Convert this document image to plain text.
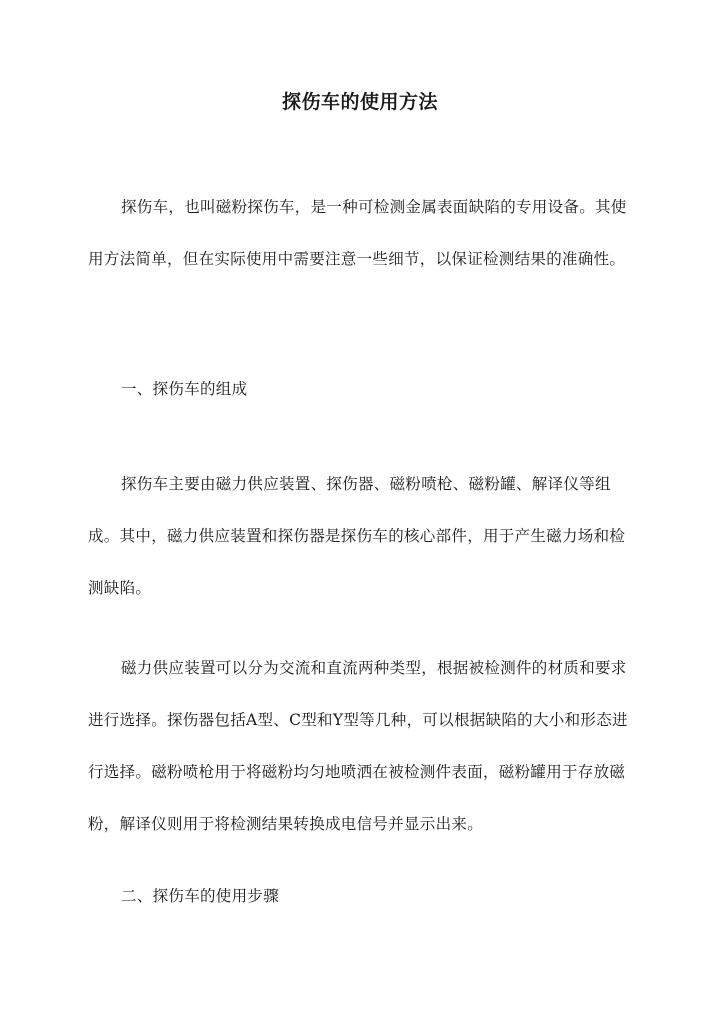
探伤车的使用方法

探伤车，也叫磁粉探伤车，是一种可检测金属表面缺陷的专用设备。其使用方法简单，但在实际使用中需要注意一些细节，以保证检测结果的准确性。

一、探伤车的组成

探伤车主要由磁力供应装置、探伤器、磁粉喷枪、磁粉罐、解译仪等组成。其中，磁力供应装置和探伤器是探伤车的核心部件，用于产生磁力场和检测缺陷。

磁力供应装置可以分为交流和直流两种类型，根据被检测件的材质和要求进行选择。探伤器包括A型、C型和Y型等几种，可以根据缺陷的大小和形态进行选择。磁粉喷枪用于将磁粉均匀地喷洒在被检测件表面，磁粉罐用于存放磁粉，解译仪则用于将检测结果转换成电信号并显示出来。

二、探伤车的使用步骤
